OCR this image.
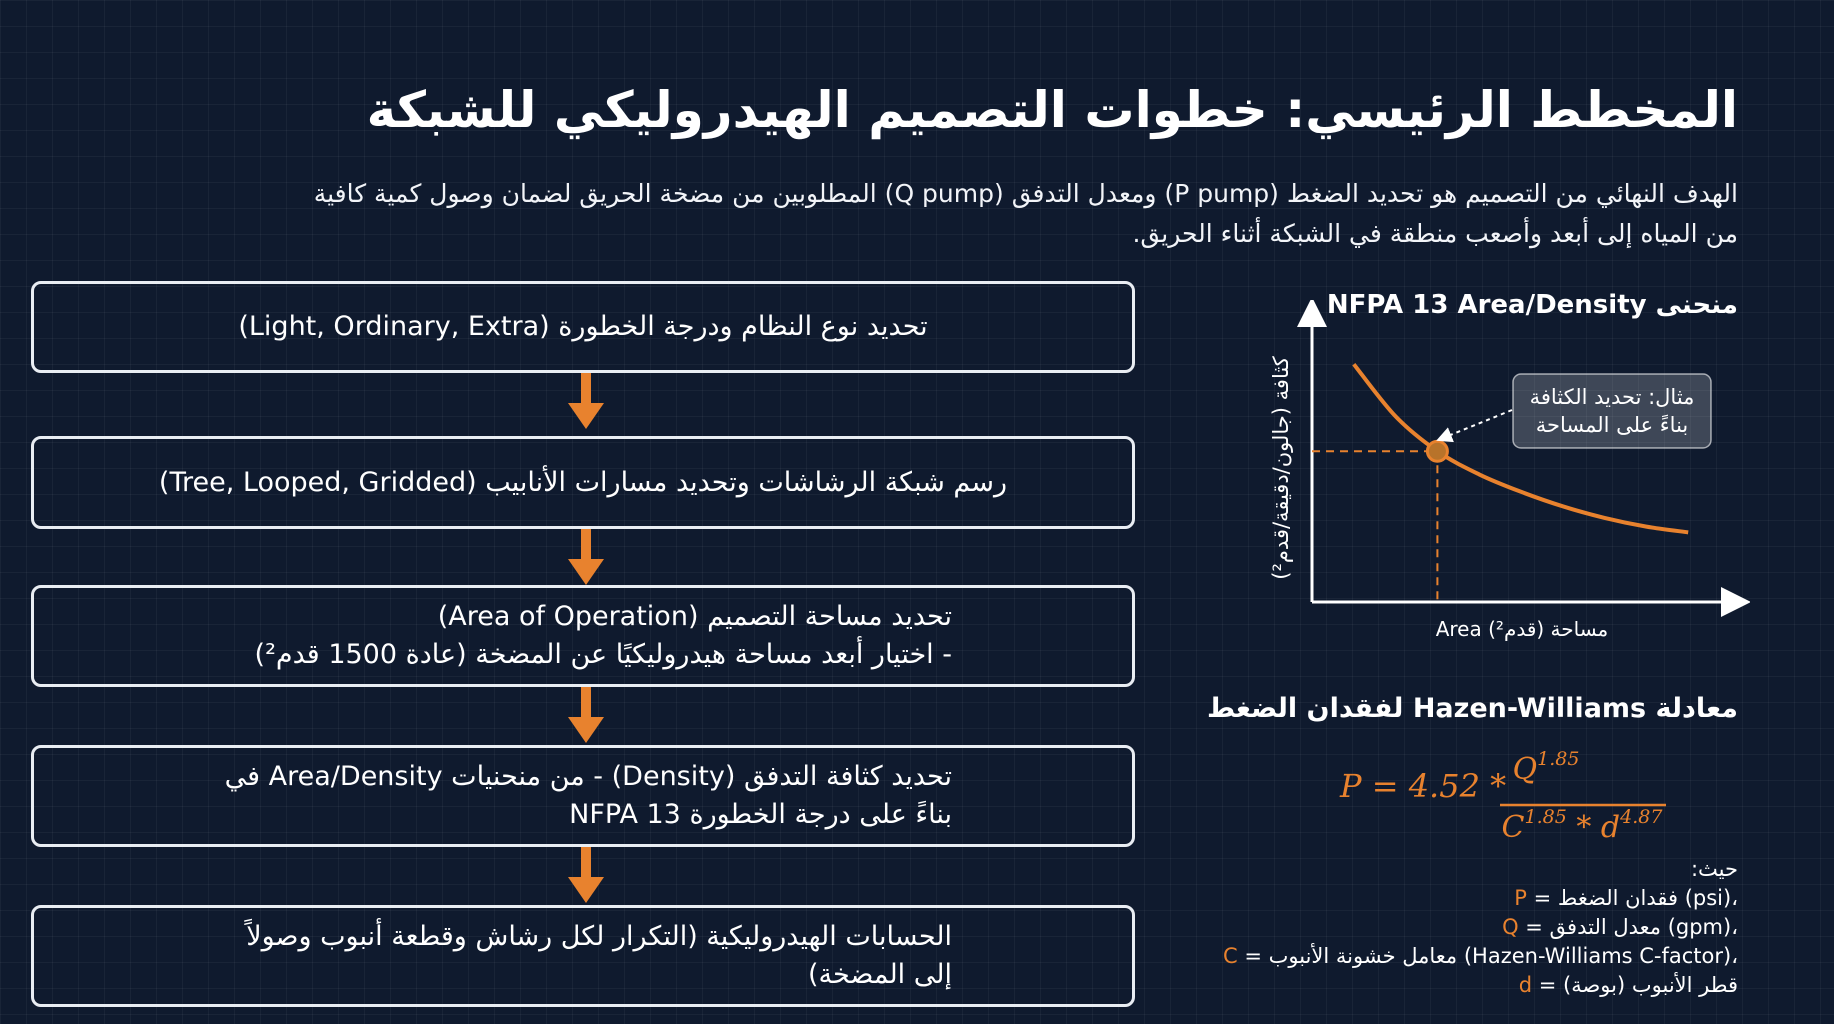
المخطط الرئيسي: خطوات التصميم الهيدروليكي للشبكة
الهدف النهائي من التصميم هو تحديد الضغط (P pump) ومعدل التدفق (Q pump) المطلوبين من مضخة الحريق لضمان وصول كمية كافية
من المياه إلى أبعد وأصعب منطقة في الشبكة أثناء الحريق.
تحديد نوع النظام ودرجة الخطورة (Light, Ordinary, Extra)
رسم شبكة الرشاشات وتحديد مسارات الأنابيب (Tree, Looped, Gridded)
تحديد مساحة التصميم (Area of Operation)
- اختيار أبعد مساحة هيدروليكيًا عن المضخة (عادة 1500 قدم²)
تحديد كثافة التدفق (Density) - من منحنيات Area/Density في
NFPA 13 بناءً على درجة الخطورة
الحسابات الهيدروليكية (التكرار لكل رشاش وقطعة أنبوب وصولاً
إلى المضخة)
منحنى NFPA 13 Area/Density
كثافة (جالون/دقيقة/قدم²)
مساحة (قدم²) Area
مثال: تحديد الكثافة
بناءً على المساحة
معادلة Hazen-Williams لفقدان الضغط
$P = 4.52 * Q^{1.85}$
$C^{1.85} * d^{4.87}$
حيث:
P = فقدان الضغط (psi)،
Q = معدل التدفق (gpm)،
C = معامل خشونة الأنبوب (Hazen-Williams C-factor)،
d = قطر الأنبوب (بوصة)
